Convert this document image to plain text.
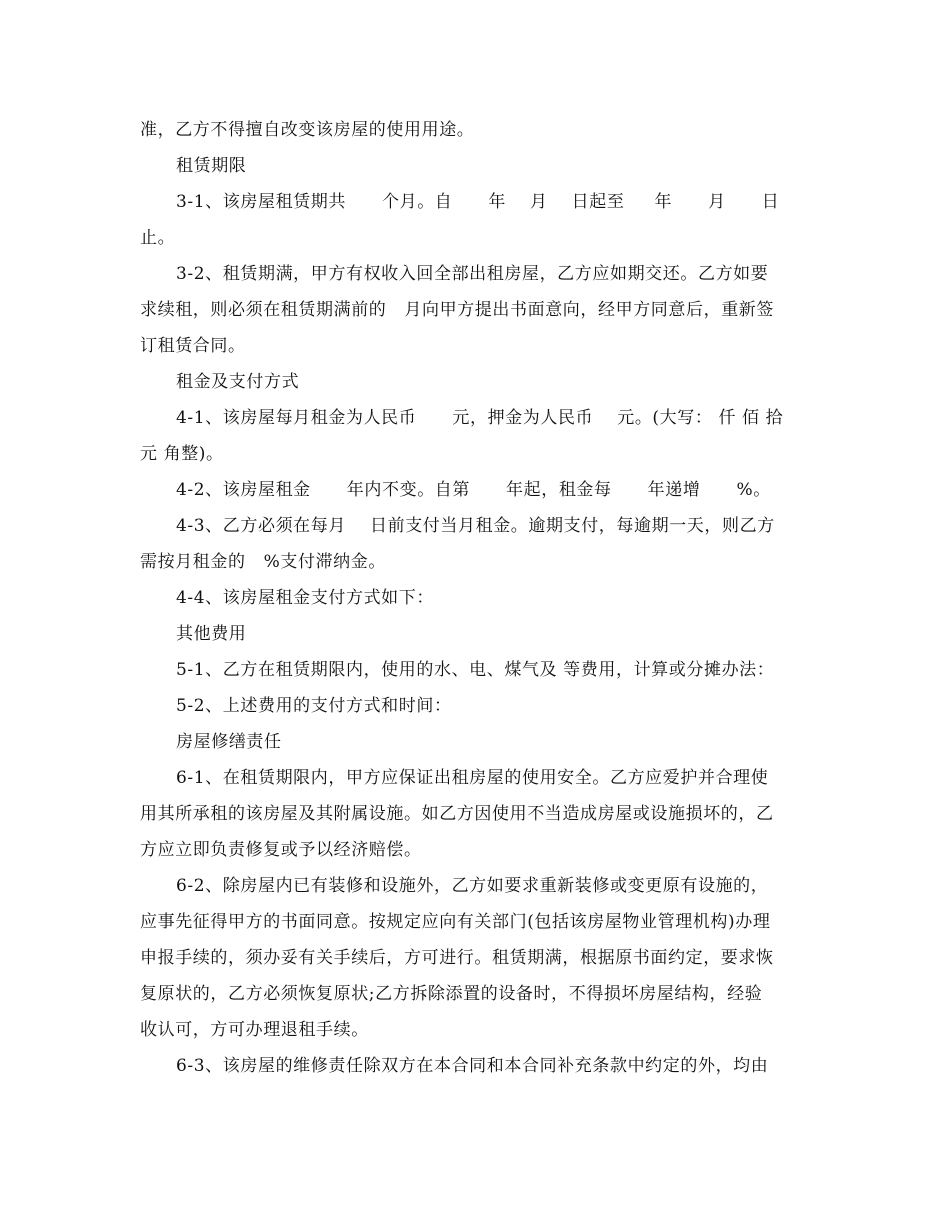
准，乙方不得擅自改变该房屋的使用用途。
租赁期限
3-1、该房屋租赁期共      个月。自      年    月    日起至     年      月      日
止。
3-2、租赁期满，甲方有权收入回全部出租房屋，乙方应如期交还。乙方如要
求续租，则必须在租赁期满前的   月向甲方提出书面意向，经甲方同意后，重新签
订租赁合同。
租金及支付方式
4-1、该房屋每月租金为人民币      元，押金为人民币    元。(大写： 仟 佰 拾
元 角整)。
4-2、该房屋租金      年内不变。自第      年起，租金每      年递增      %。
4-3、乙方必须在每月    日前支付当月租金。逾期支付，每逾期一天，则乙方
需按月租金的   %支付滞纳金。
4-4、该房屋租金支付方式如下：
其他费用
5-1、乙方在租赁期限内，使用的水、电、煤气及 等费用，计算或分摊办法：
5-2、上述费用的支付方式和时间：
房屋修缮责任
6-1、在租赁期限内，甲方应保证出租房屋的使用安全。乙方应爱护并合理使
用其所承租的该房屋及其附属设施。如乙方因使用不当造成房屋或设施损坏的，乙
方应立即负责修复或予以经济赔偿。
6-2、除房屋内已有装修和设施外，乙方如要求重新装修或变更原有设施的，
应事先征得甲方的书面同意。按规定应向有关部门(包括该房屋物业管理机构)办理
申报手续的，须办妥有关手续后，方可进行。租赁期满，根据原书面约定，要求恢
复原状的，乙方必须恢复原状;乙方拆除添置的设备时，不得损坏房屋结构，经验
收认可，方可办理退租手续。
6-3、该房屋的维修责任除双方在本合同和本合同补充条款中约定的外，均由
